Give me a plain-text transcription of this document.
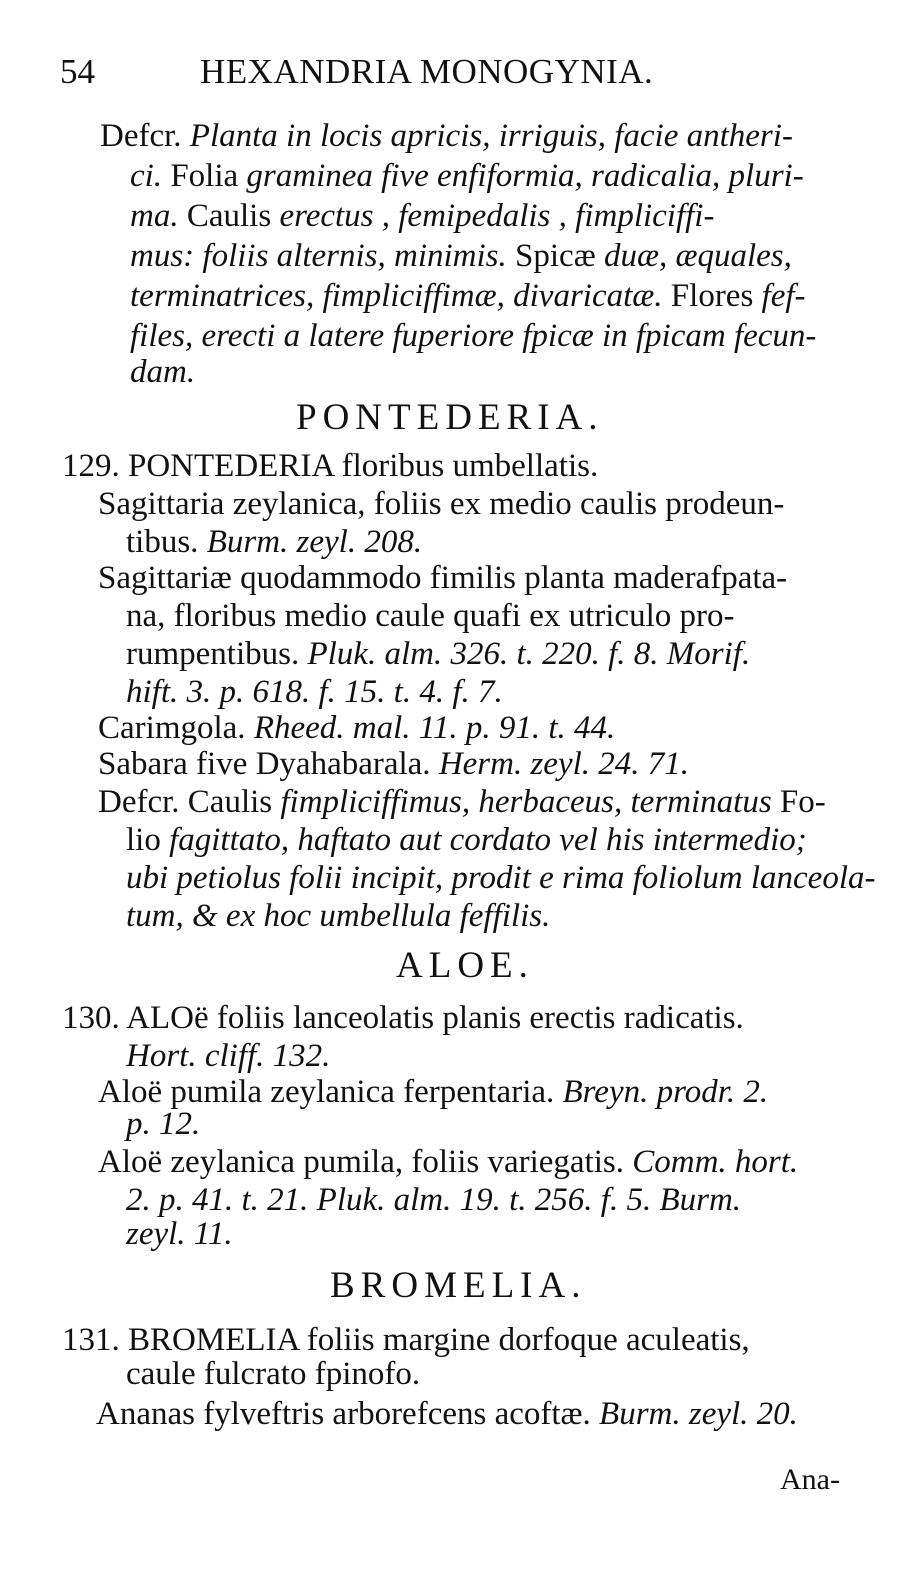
54	HEXANDRIA MONOGYNIA.
Defcr. Planta in locis apricis, irriguis, facie antheri-
ci. Folia graminea five enfiformia, radicalia, pluri-
ma. Caulis erectus , femipedalis , fimpliciffi-
mus: foliis alternis, minimis. Spicæ duæ, æquales,
terminatrices, fimpliciffimæ, divaricatæ. Flores fef-
files, erecti a latere fuperiore fpicæ in fpicam fecun-
dam.
PONTEDERIA.
129. PONTEDERIA floribus umbellatis.
Sagittaria zeylanica, foliis ex medio caulis prodeun-
tibus. Burm. zeyl. 208.
Sagittariæ quodammodo fimilis planta maderafpata-
na, floribus medio caule quafi ex utriculo pro-
rumpentibus. Pluk. alm. 326. t. 220. f. 8. Morif.
hift. 3. p. 618. f. 15. t. 4. f. 7.
Carimgola. Rheed. mal. 11. p. 91. t. 44.
Sabara five Dyahabarala. Herm. zeyl. 24. 71.
Defcr. Caulis fimpliciffimus, herbaceus, terminatus Fo-
lio fagittato, haftato aut cordato vel his intermedio;
ubi petiolus folii incipit, prodit e rima foliolum lanceola-
tum, & ex hoc umbellula feffilis.
ALOE.
130. ALOë foliis lanceolatis planis erectis radicatis.
Hort. cliff. 132.
Aloë pumila zeylanica ferpentaria. Breyn. prodr. 2.
p. 12.
Aloë zeylanica pumila, foliis variegatis. Comm. hort.
2. p. 41. t. 21. Pluk. alm. 19. t. 256. f. 5. Burm.
zeyl. 11.
BROMELIA.
131. BROMELIA foliis margine dorfoque aculeatis,
caule fulcrato fpinofo.
Ananas fylveftris arborefcens acoftæ. Burm. zeyl. 20.
Ana-
